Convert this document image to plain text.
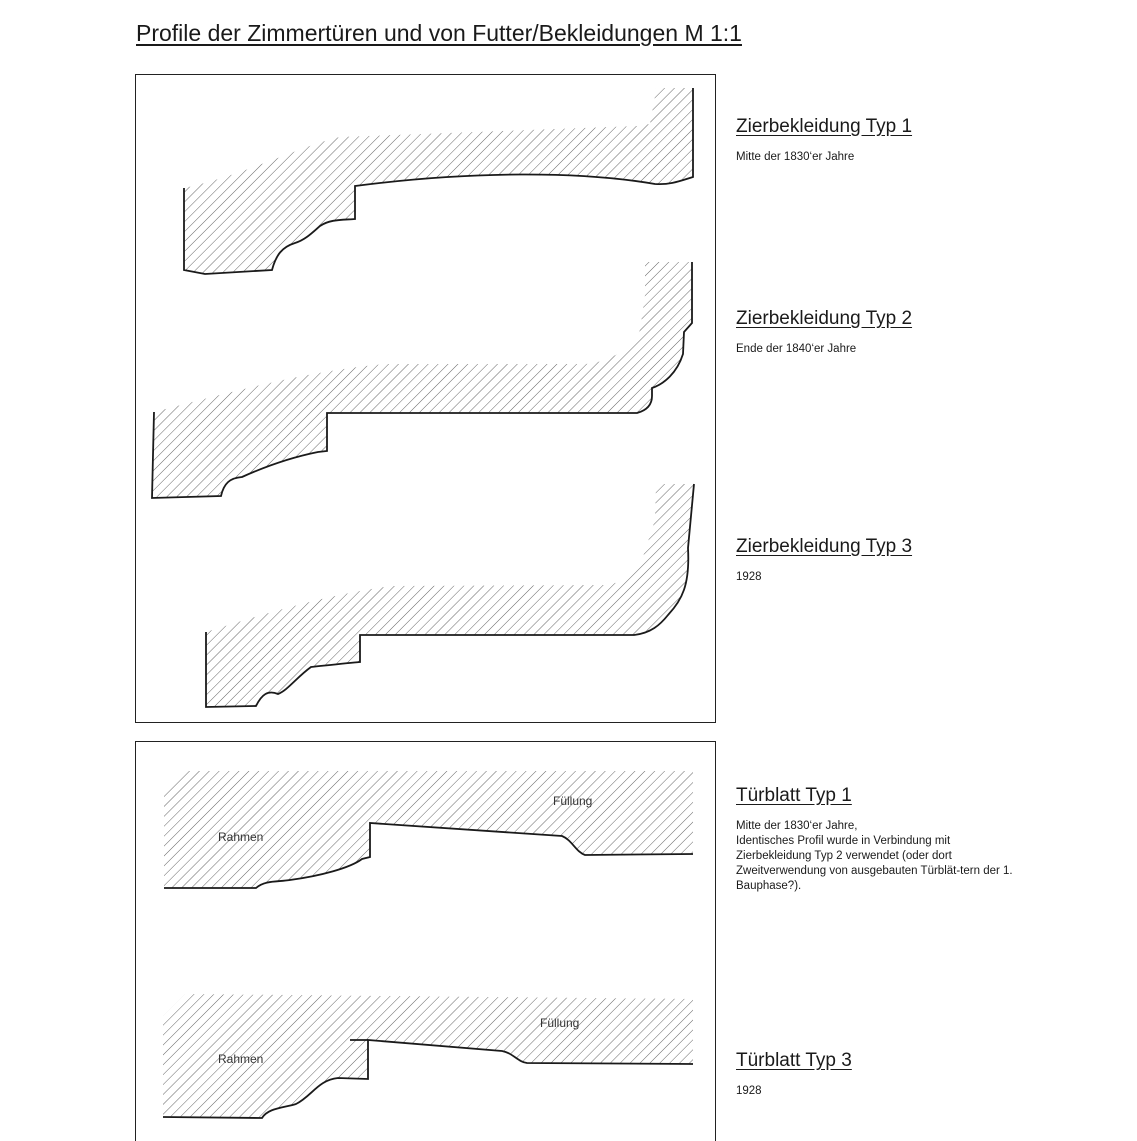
Profile der Zimmertüren und von Futter/Bekleidungen M 1:1
Rahmen
Füllung
Rahmen
Füllung
Zierbekleidung Typ 1

Mitte der 1830‘er Jahre

Zierbekleidung Typ 2

Ende der 1840‘er Jahre

Zierbekleidung Typ 3

1928

Türblatt Typ 1

Mitte der 1830‘er Jahre,
Identisches Profil wurde in Verbindung mit Zierbekleidung Typ 2 verwendet (oder dort Zweitverwendung von ausgebauten Türblät-tern der 1. Bauphase?).

Türblatt Typ 3

1928
